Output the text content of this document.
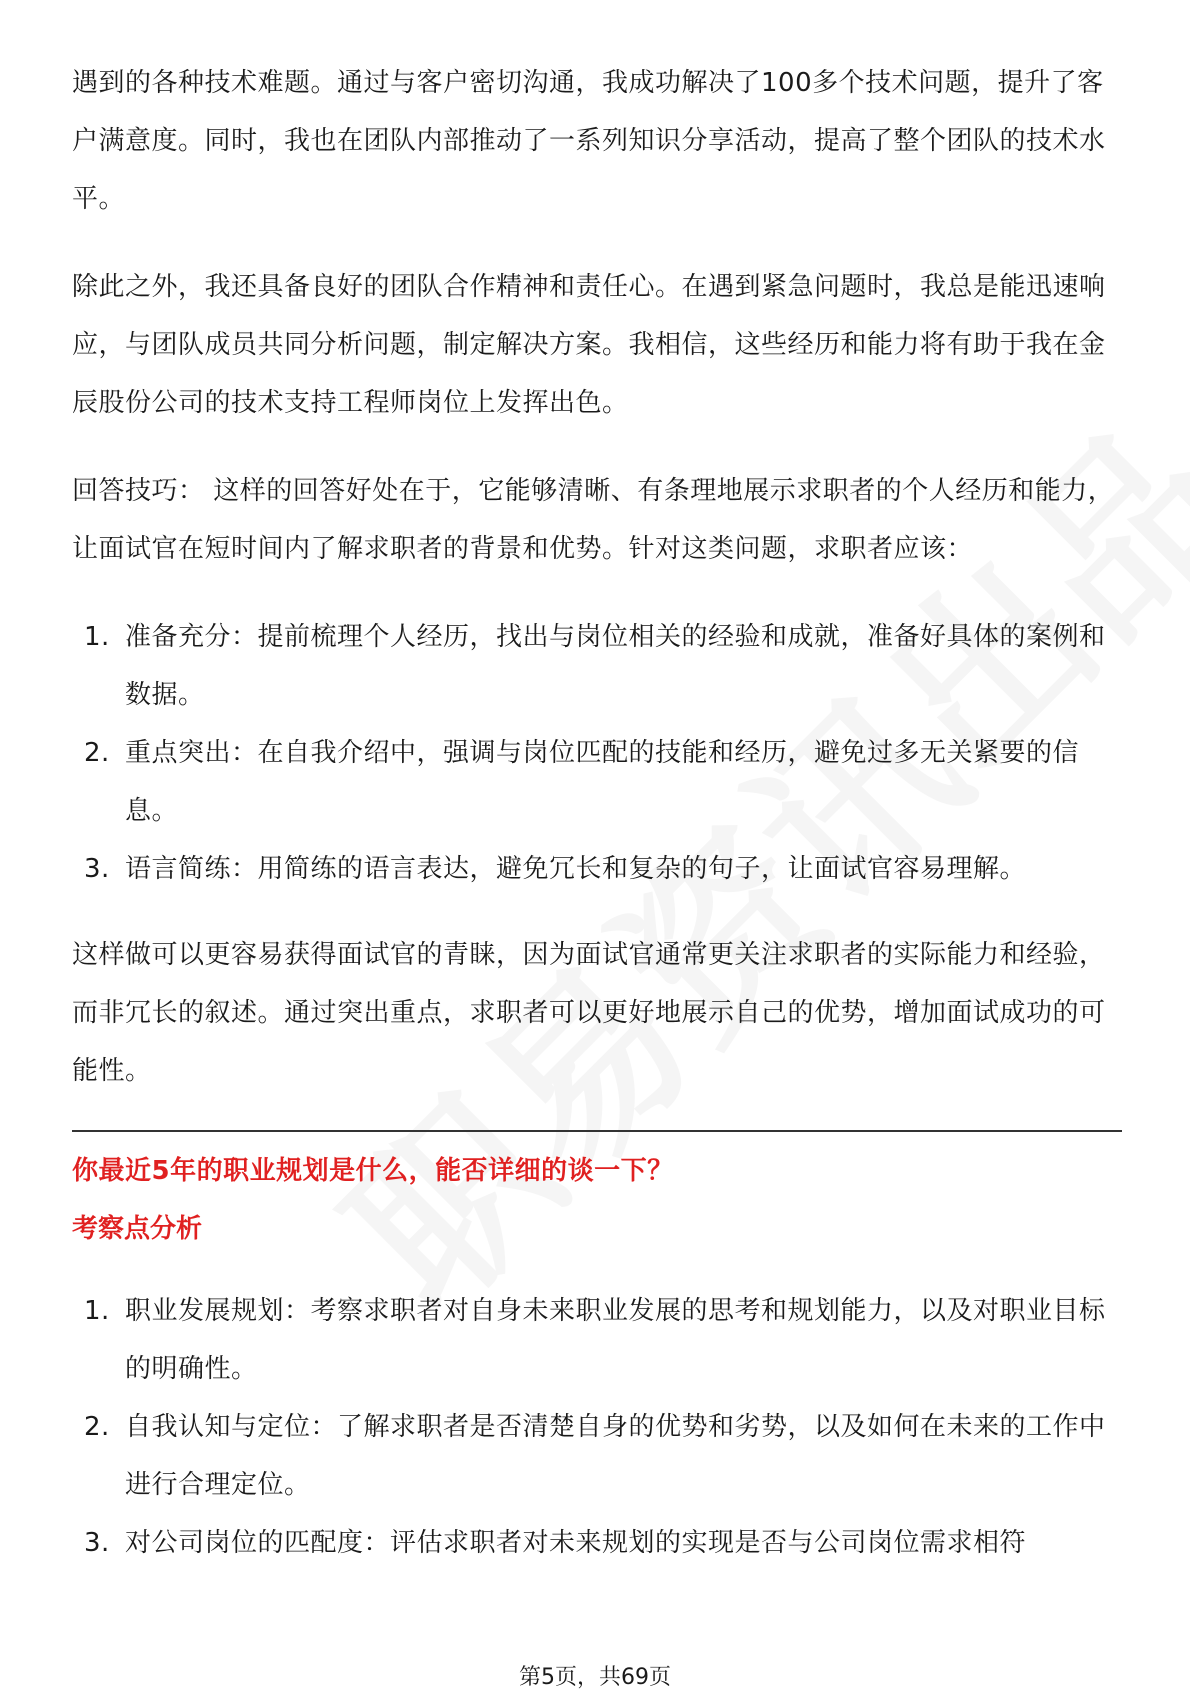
遇到的各种技术难题。通过与客户密切沟通，我成功解决了100多个技术问题，提升了客户满意度。同时，我也在团队内部推动了一系列知识分享活动，提高了整个团队的技术水平。

除此之外，我还具备良好的团队合作精神和责任心。在遇到紧急问题时，我总是能迅速响应，与团队成员共同分析问题，制定解决方案。我相信，这些经历和能力将有助于我在金辰股份公司的技术支持工程师岗位上发挥出色。

回答技巧： 这样的回答好处在于，它能够清晰、有条理地展示求职者的个人经历和能力，让面试官在短时间内了解求职者的背景和优势。针对这类问题，求职者应该：

1. 准备充分：提前梳理个人经历，找出与岗位相关的经验和成就，准备好具体的案例和数据。
2. 重点突出：在自我介绍中，强调与岗位匹配的技能和经历，避免过多无关紧要的信息。
3. 语言简练：用简练的语言表达，避免冗长和复杂的句子，让面试官容易理解。

这样做可以更容易获得面试官的青睐，因为面试官通常更关注求职者的实际能力和经验，而非冗长的叙述。通过突出重点，求职者可以更好地展示自己的优势，增加面试成功的可能性。

你最近5年的职业规划是什么，能否详细的谈一下？
考察点分析
1. 职业发展规划：考察求职者对自身未来职业发展的思考和规划能力，以及对职业目标的明确性。
2. 自我认知与定位：了解求职者是否清楚自身的优势和劣势，以及如何在未来的工作中进行合理定位。
3. 对公司岗位的匹配度：评估求职者对未来规划的实现是否与公司岗位需求相符
第5页，共69页
